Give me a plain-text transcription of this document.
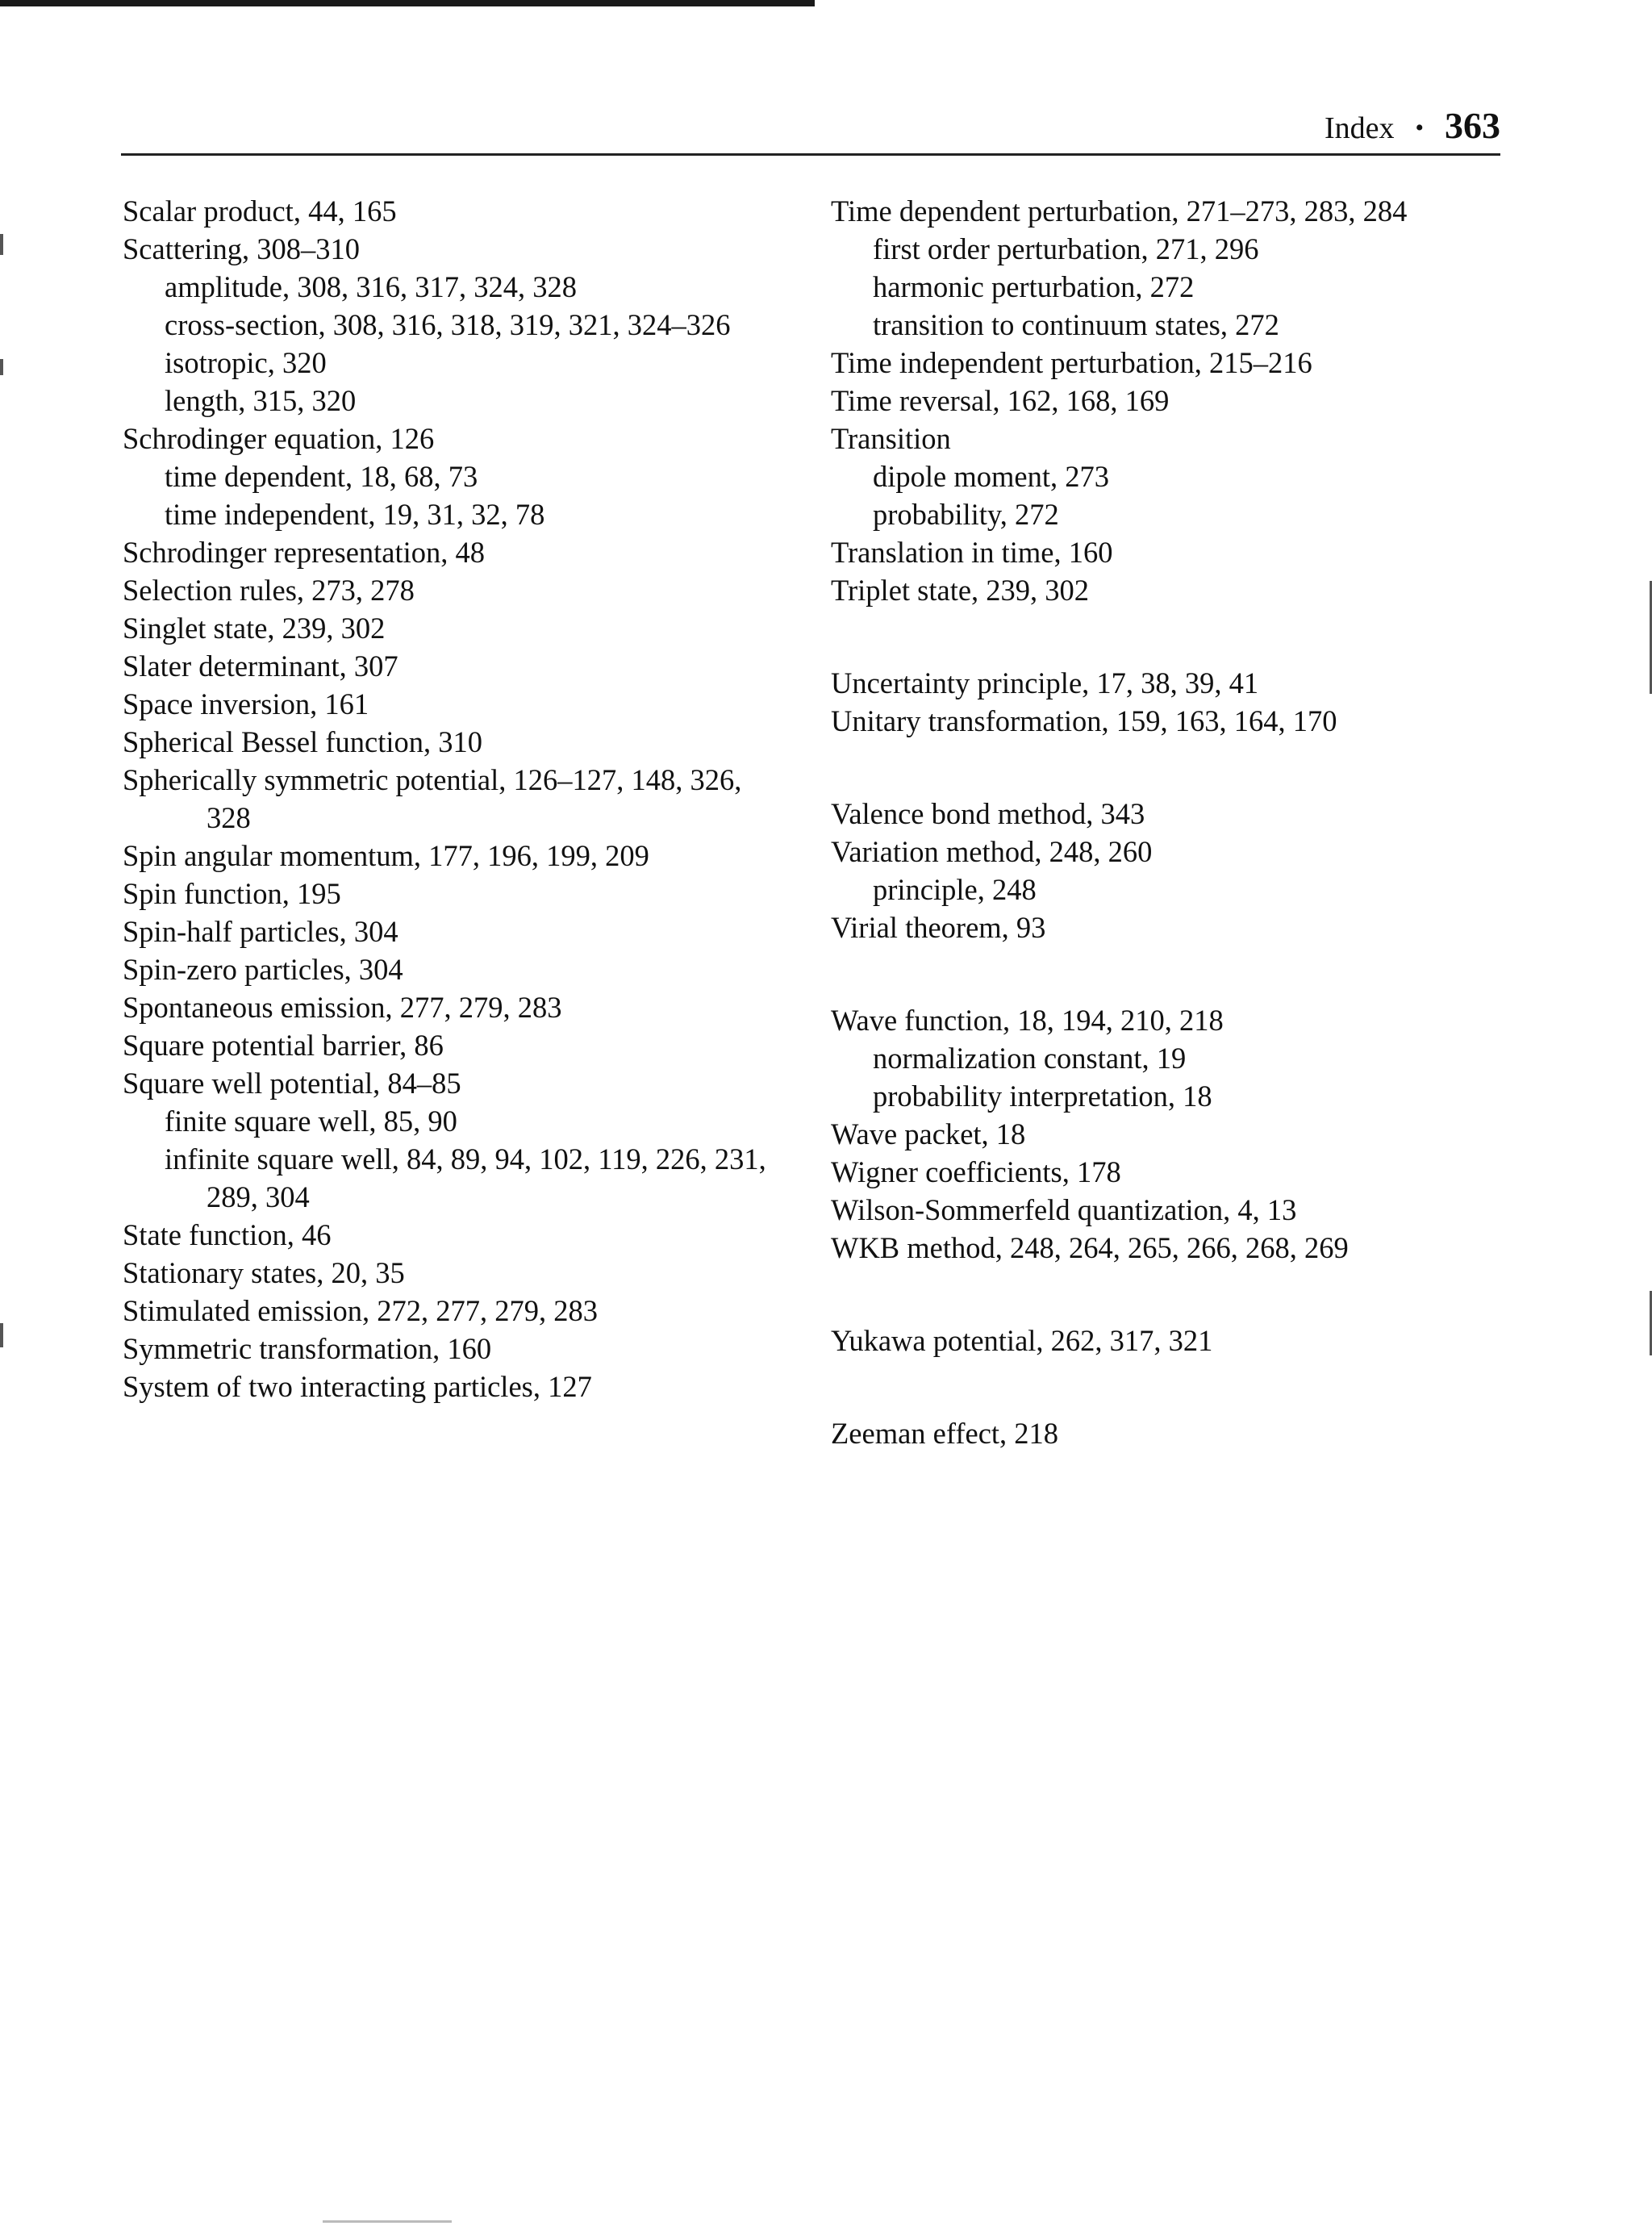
Index • 363
Scalar product, 44, 165
Scattering, 308–310
amplitude, 308, 316, 317, 324, 328
cross-section, 308, 316, 318, 319, 321, 324–326
isotropic, 320
length, 315, 320
Schrodinger equation, 126
time dependent, 18, 68, 73
time independent, 19, 31, 32, 78
Schrodinger representation, 48
Selection rules, 273, 278
Singlet state, 239, 302
Slater determinant, 307
Space inversion, 161
Spherical Bessel function, 310
Spherically symmetric potential, 126–127, 148, 326,
328
Spin angular momentum, 177, 196, 199, 209
Spin function, 195
Spin-half particles, 304
Spin-zero particles, 304
Spontaneous emission, 277, 279, 283
Square potential barrier, 86
Square well potential, 84–85
finite square well, 85, 90
infinite square well, 84, 89, 94, 102, 119, 226, 231,
289, 304
State function, 46
Stationary states, 20, 35
Stimulated emission, 272, 277, 279, 283
Symmetric transformation, 160
System of two interacting particles, 127
Time dependent perturbation, 271–273, 283, 284
first order perturbation, 271, 296
harmonic perturbation, 272
transition to continuum states, 272
Time independent perturbation, 215–216
Time reversal, 162, 168, 169
Transition
dipole moment, 273
probability, 272
Translation in time, 160
Triplet state, 239, 302
Uncertainty principle, 17, 38, 39, 41
Unitary transformation, 159, 163, 164, 170
Valence bond method, 343
Variation method, 248, 260
principle, 248
Virial theorem, 93
Wave function, 18, 194, 210, 218
normalization constant, 19
probability interpretation, 18
Wave packet, 18
Wigner coefficients, 178
Wilson-Sommerfeld quantization, 4, 13
WKB method, 248, 264, 265, 266, 268, 269
Yukawa potential, 262, 317, 321
Zeeman effect, 218
